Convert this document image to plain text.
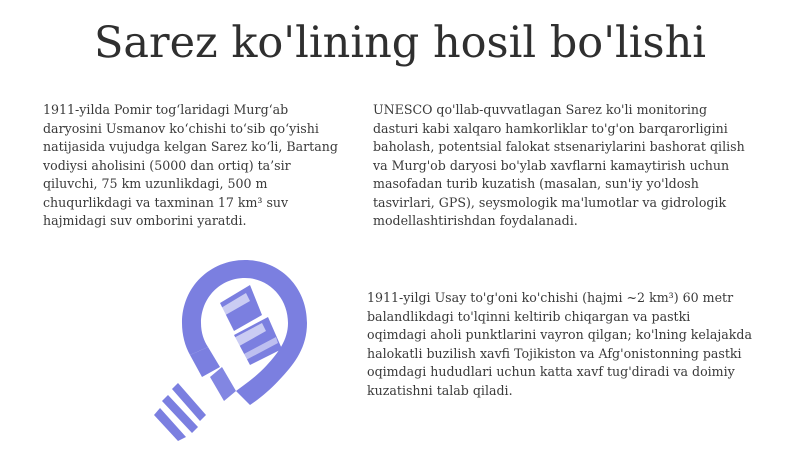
Sarez ko'lining hosil bo'lishi

1911-yilda Pomir tog‘laridagi Murg‘ab daryosini Usmanov ko‘chishi to‘sib qo‘yishi natijasida vujudga kelgan Sarez ko‘li, Bartang vodiysi aholisini (5000 dan ortiq) ta’sir qiluvchi, 75 km uzunlikdagi, 500 m chuqurlikdagi va taxminan 17 km³ suv hajmidagi suv omborini yaratdi.

UNESCO qo'llab-quvvatlagan Sarez ko'li monitoring dasturi kabi xalqaro hamkorliklar to'g'on barqarorligini baholash, potentsial falokat stsenariylarini bashorat qilish va Murg'ob daryosi bo'ylab xavflarni kamaytirish uchun masofadan turib kuzatish (masalan, sun'iy yo'ldosh tasvirlari, GPS), seysmologik ma'lumotlar va gidrologik modellashtirishdan foydalanadi.

1911-yilgi Usay to'g'oni ko'chishi (hajmi ~2 km³) 60 metr balandlikdagi to'lqinni keltirib chiqargan va pastki oqimdagi aholi punktlarini vayron qilgan; ko'lning kelajakda halokatli buzilish xavfi Tojikiston va Afg'onistonning pastki oqimdagi hududlari uchun katta xavf tug'diradi va doimiy kuzatishni talab qiladi.
